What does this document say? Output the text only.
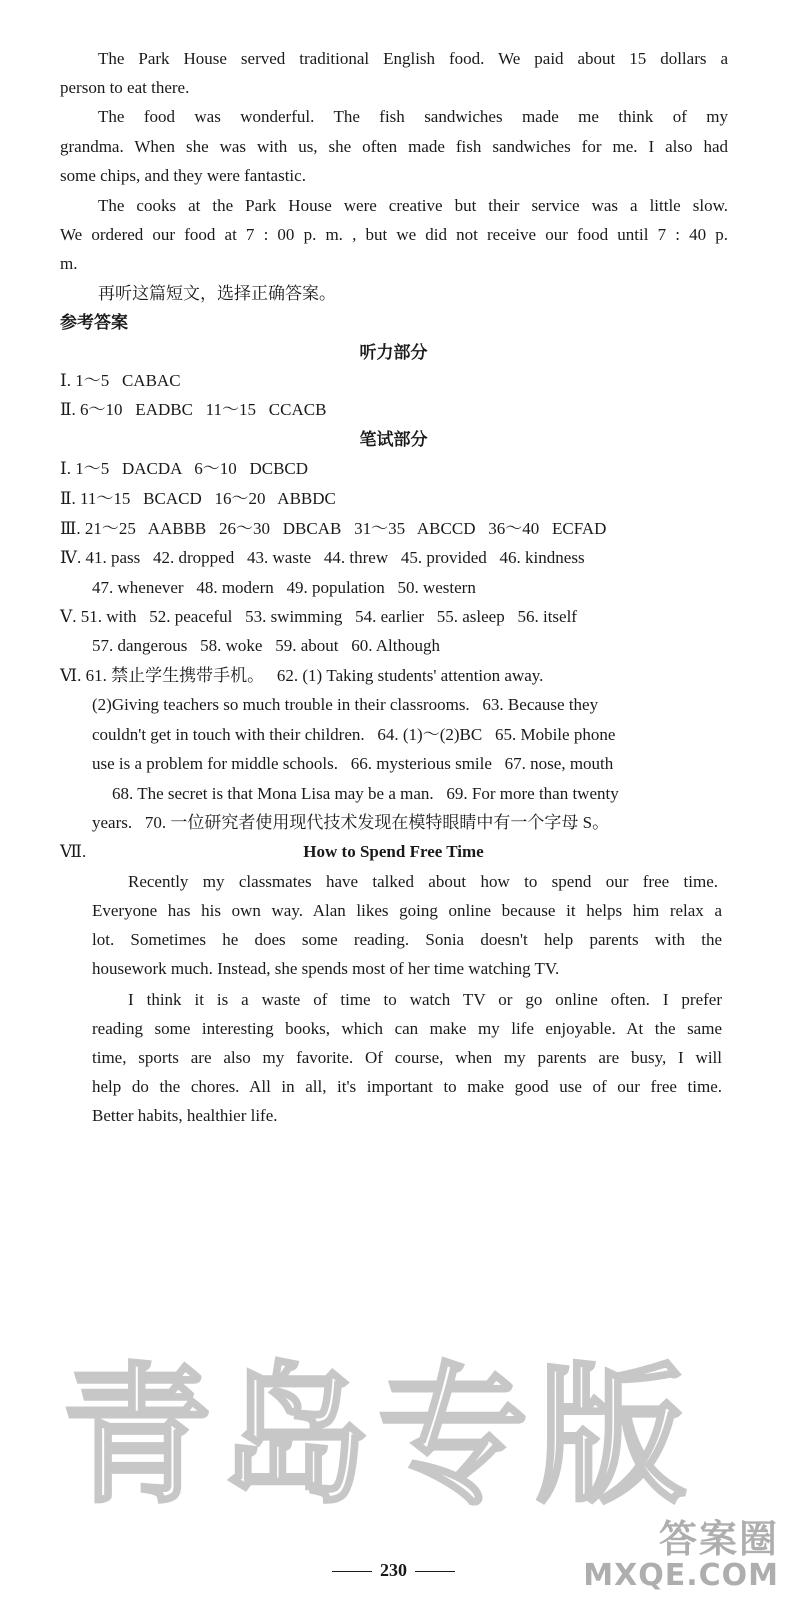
The Park House served traditional English food. We paid about 15 dollars a
person to eat there.
The food was wonderful. The fish sandwiches made me think of my
grandma. When she was with us, she often made fish sandwiches for me. I also had
some chips, and they were fantastic.
The cooks at the Park House were creative but their service was a little slow.
We ordered our food at 7 : 00 p. m. , but we did not receive our food until 7 : 40 p.
m.
再听这篇短文，选择正确答案。
参考答案
听力部分
Ⅰ. 1～5   CABAC
Ⅱ. 6～10   EADBC   11～15   CCACB
笔试部分
Ⅰ. 1～5   DACDA   6～10   DCBCD
Ⅱ. 11～15   BCACD   16～20   ABBDC
Ⅲ. 21～25   AABBB   26～30   DBCAB   31～35   ABCCD   36～40   ECFAD
Ⅳ. 41. pass   42. dropped   43. waste   44. threw   45. provided   46. kindness
47. whenever   48. modern   49. population   50. western
Ⅴ. 51. with   52. peaceful   53. swimming   54. earlier   55. asleep   56. itself
57. dangerous   58. woke   59. about   60. Although
Ⅵ. 61. 禁止学生携带手机。   62. (1) Taking students' attention away.
(2)Giving teachers so much trouble in their classrooms.   63. Because they
couldn't get in touch with their children.   64. (1)～(2)BC   65. Mobile phone
use is a problem for middle schools.   66. mysterious smile   67. nose, mouth
68. The secret is that Mona Lisa may be a man.   69. For more than twenty
years.   70. 一位研究者使用现代技术发现在模特眼睛中有一个字母 S。
Ⅶ.	How to Spend Free Time
Recently my classmates have talked about how to spend our free time.
Everyone has his own way. Alan likes going online because it helps him relax a
lot. Sometimes he does some reading. Sonia doesn't help parents with the
housework much. Instead, she spends most of her time watching TV.
I think it is a waste of time to watch TV or go online often. I prefer
reading some interesting books, which can make my life enjoyable. At the same
time, sports are also my favorite. Of course, when my parents are busy, I will
help do the chores. All in all, it's important to make good use of our free time.
Better habits, healthier life.
青岛专版
答案圈
MXQE.COM
230
